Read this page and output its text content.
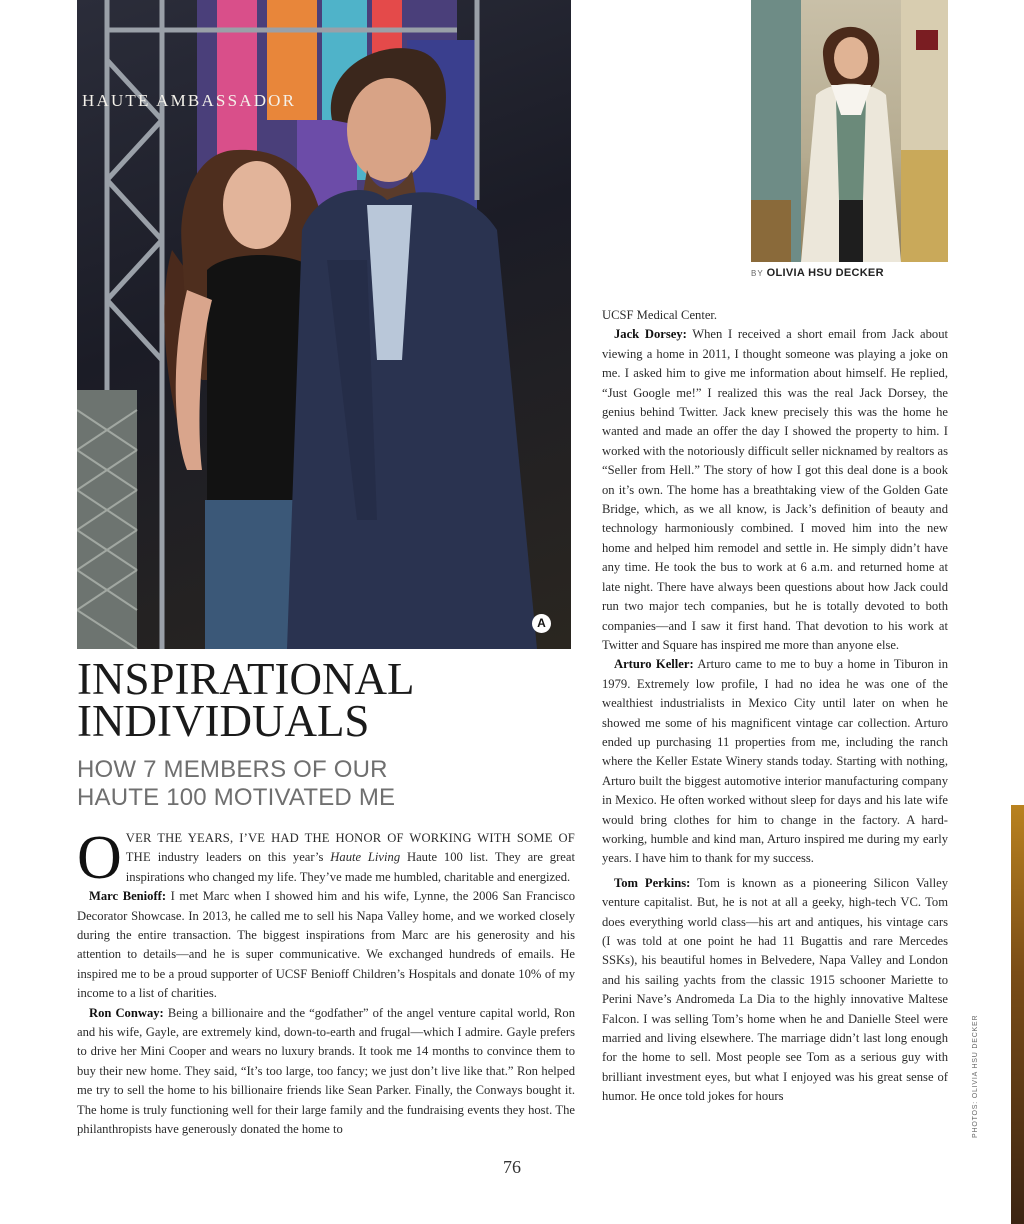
HAUTE AMBASSADOR
A
BY OLIVIA HSU DECKER
INSPIRATIONAL
INDIVIDUALS
HOW 7 MEMBERS OF OUR
HAUTE 100 MOTIVATED ME

OVER THE YEARS, I’VE HAD THE HONOR OF WORKING WITH SOME OF THE industry leaders on this year’s Haute Living Haute 100 list. They are great inspirations who changed my life. They’ve made me humbled, charitable and energized.

Marc Benioff: I met Marc when I showed him and his wife, Lynne, the 2006 San Francisco Decorator Showcase. In 2013, he called me to sell his Napa Valley home, and we worked closely during the entire transaction. The biggest inspirations from Marc are his generosity and his attention to details—and he is super communicative. We exchanged hundreds of emails. He inspired me to be a proud supporter of UCSF Benioff Children’s Hospitals and donate 10% of my income to a list of charities.

Ron Conway: Being a billionaire and the “godfather” of the angel venture capital world, Ron and his wife, Gayle, are extremely kind, down-to-earth and frugal—which I admire. Gayle prefers to drive her Mini Cooper and wears no luxury brands. It took me 14 months to convince them to buy their new home. They said, “It’s too large, too fancy; we just don’t live like that.” Ron helped me try to sell the home to his billionaire friends like Sean Parker. Finally, the Conways bought it. The home is truly functioning well for their large family and the fundraising events they host. The philanthropists have generously donated the home to

UCSF Medical Center.

Jack Dorsey: When I received a short email from Jack about viewing a home in 2011, I thought someone was playing a joke on me. I asked him to give me information about himself. He replied, “Just Google me!” I realized this was the real Jack Dorsey, the genius behind Twitter. Jack knew precisely this was the home he wanted and made an offer the day I showed the property to him. I worked with the notoriously difficult seller nicknamed by realtors as “Seller from Hell.” The story of how I got this deal done is a book on it’s own. The home has a breathtaking view of the Golden Gate Bridge, which, as we all know, is Jack’s definition of beauty and technology harmoniously combined. I moved him into the new home and helped him remodel and settle in. He simply didn’t have any time. He took the bus to work at 6 a.m. and returned home at late night. There have always been questions about how Jack could run two major tech companies, but he is totally devoted to both companies—and I saw it first hand. That devotion to his work at Twitter and Square has inspired me more than anyone else.

Arturo Keller: Arturo came to me to buy a home in Tiburon in 1979. Extremely low profile, I had no idea he was one of the wealthiest industrialists in Mexico City until later on when he showed me some of his magnificent vintage car collection. Arturo ended up purchasing 11 properties from me, including the ranch where the Keller Estate Winery stands today. Starting with nothing, Arturo built the biggest automotive interior manufacturing company in Mexico. He often worked without sleep for days and his late wife would bring clothes for him to change in the factory. A hard-working, humble and kind man, Arturo inspired me during my early years. I have him to thank for my success.

Tom Perkins: Tom is known as a pioneering Silicon Valley venture capitalist. But, he is not at all a geeky, high-tech VC. Tom does everything world class—his art and antiques, his vintage cars (I was told at one point he had 11 Bugattis and rare Mercedes SSKs), his beautiful homes in Belvedere, Napa Valley and London and his sailing yachts from the classic 1915 schooner Mariette to Perini Nave’s Andromeda La Dia to the highly innovative Maltese Falcon. I was selling Tom’s home when he and Danielle Steel were married and living elsewhere. The marriage didn’t last long enough for the home to sell. Most people see Tom as a serious guy with brilliant investment eyes, but what I enjoyed was his great sense of humor. He once told jokes for hours

76
PHOTOS: OLIVIA HSU DECKER
